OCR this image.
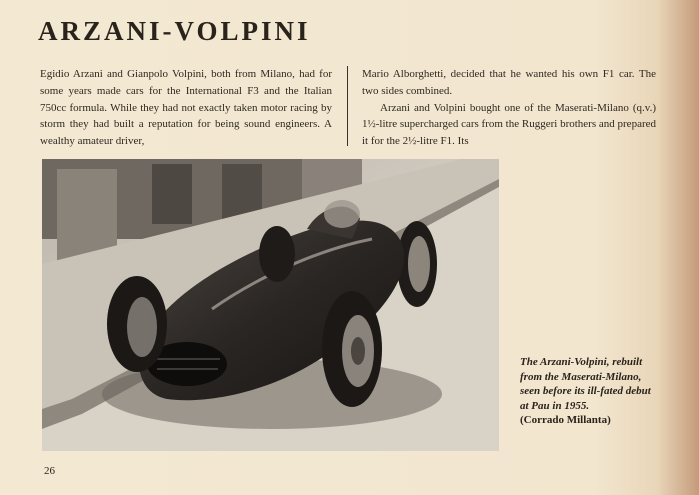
ARZANI-VOLPINI

Egidio Arzani and Gianpolo Volpini, both from Milano, had for some years made cars for the International F3 and the Italian 750cc formula. While they had not exactly taken motor racing by storm they had built a reputation for being sound engineers. A wealthy amateur driver,

Mario Alborghetti, decided that he wanted his own F1 car. The two sides combined.

Arzani and Volpini bought one of the Maserati-Milano (q.v.) 1½-litre supercharged cars from the Ruggeri brothers and prepared it for the 2½-litre F1. Its

The Arzani-Volpini, rebuilt from the Maserati-Milano, seen before its ill-fated debut at Pau in 1955.
(Corrado Millanta)
26
